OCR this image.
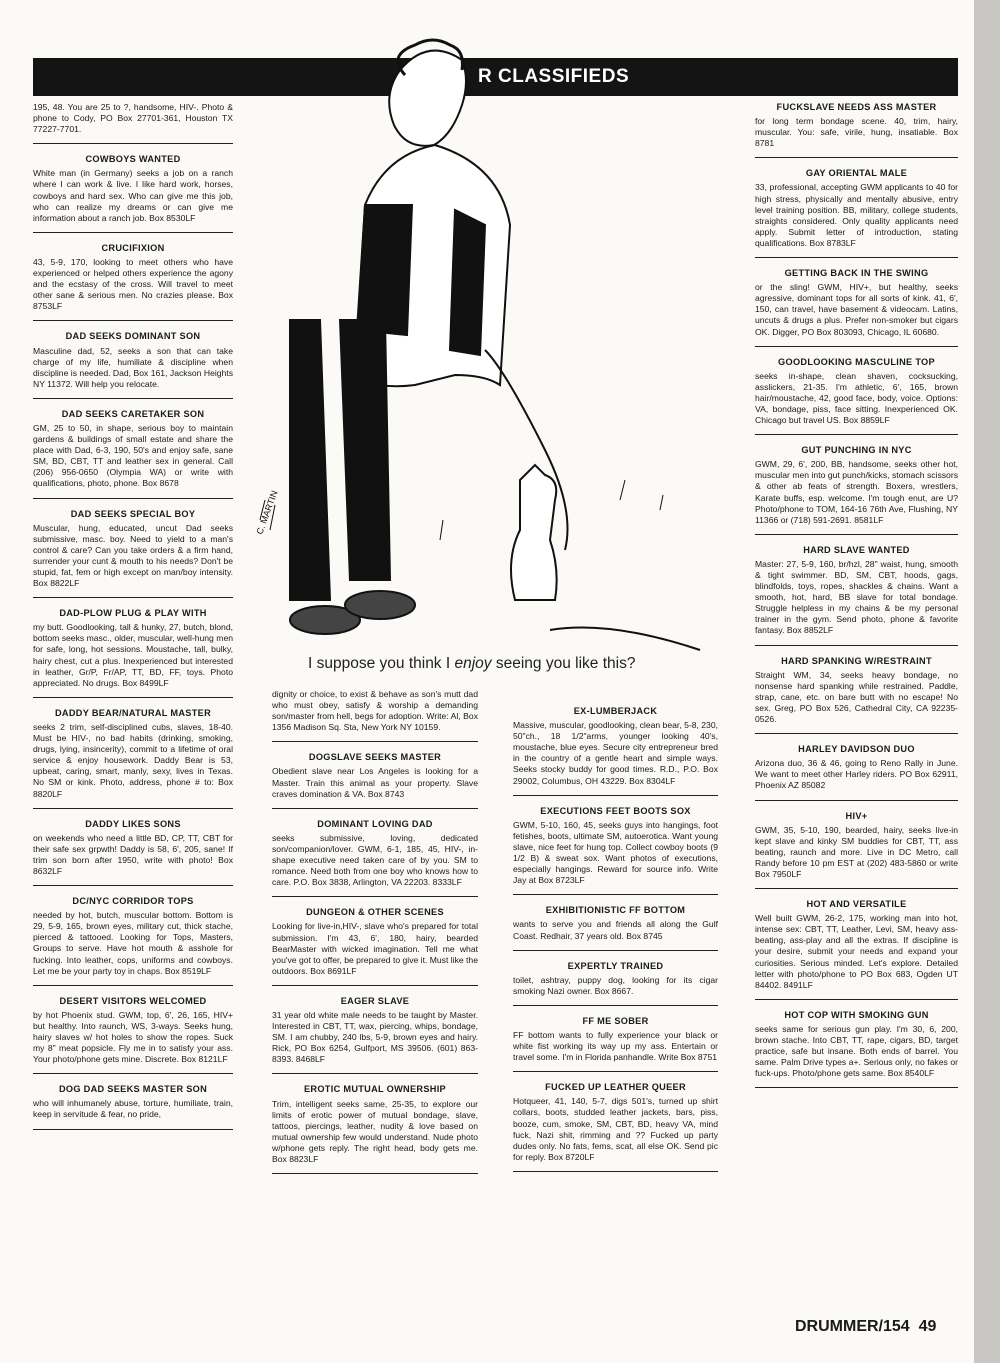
R CLASSIFIEDS
C. MARTIN
I suppose you think I enjoy seeing you like this?

195, 48. You are 25 to ?, handsome, HIV-. Photo & phone to Cody, PO Box 27701-361, Houston TX 77227-7701.

COWBOYS WANTED

White man (in Germany) seeks a job on a ranch where I can work & live. I like hard work, horses, cowboys and hard sex. Who can give me this job, who can realize my dreams or can give me information about a ranch job. Box 8530LF

CRUCIFIXION

43, 5-9, 170, looking to meet others who have experienced or helped others experience the agony and the ecstasy of the cross. Will travel to meet other sane & serious men. No crazies please. Box 8753LF

DAD SEEKS DOMINANT SON

Masculine dad, 52, seeks a son that can take charge of my life, humiliate & discipline when discipline is needed. Dad, Box 161, Jackson Heights NY 11372. Will help you relocate.

DAD SEEKS CARETAKER SON

GM, 25 to 50, in shape, serious boy to maintain gardens & buildings of small estate and share the place with Dad, 6-3, 190, 50's and enjoy safe, sane SM, BD, CBT, TT and leather sex in general. Call (206) 956-0650 (Olympia WA) or write with qualifications, photo, phone. Box 8678

DAD SEEKS SPECIAL BOY

Muscular, hung, educated, uncut Dad seeks submissive, masc. boy. Need to yield to a man's control & care? Can you take orders & a firm hand, surrender your cunt & mouth to his needs? Don't be stupid, fat, fem or high except on man/boy intensity. Box 8822LF

DAD-PLOW PLUG & PLAY WITH

my butt. Goodlooking, tall & hunky, 27, butch, blond, bottom seeks masc., older, muscular, well-hung men for safe, long, hot sessions. Moustache, tall, bulky, hairy chest, cut a plus. Inexperienced but interested in leather, Gr/P, Fr/AP, TT, BD, FF, toys. Photo appreciated. No drugs. Box 8499LF

DADDY BEAR/NATURAL MASTER

seeks 2 trim, self-disciplined cubs, slaves, 18-40. Must be HIV-, no bad habits (drinking, smoking, drugs, lying, insincerity), commit to a lifetime of oral service & enjoy housework. Daddy Bear is 53, upbeat, caring, smart, manly, sexy, lives in Texas. No SM or kink. Photo, address, phone # to: Box 8820LF

DADDY LIKES SONS

on weekends who need a little BD, CP, TT, CBT for their safe sex grpwth! Daddy is 58, 6', 205, sane! If trim son born after 1950, write with photo! Box 8632LF

DC/NYC CORRIDOR TOPS

needed by hot, butch, muscular bottom. Bottom is 29, 5-9, 165, brown eyes, military cut, thick stache, pierced & tattooed. Looking for Tops, Masters, Groups to serve. Have hot mouth & asshole for fucking. Into leather, cops, uniforms and cowboys. Let me be your party toy in chaps. Box 8519LF

DESERT VISITORS WELCOMED

by hot Phoenix stud. GWM, top, 6', 26, 165, HIV+ but healthy. Into raunch, WS, 3-ways. Seeks hung, hairy slaves w/ hot holes to show the ropes. Suck my 8" meat popsicle. Fly me in to satisfy your ass. Your photo/phone gets mine. Discrete. Box 8121LF

DOG DAD SEEKS MASTER SON

who will inhumanely abuse, torture, humiliate, train, keep in servitude & fear, no pride,

dignity or choice, to exist & behave as son's mutt dad who must obey, satisfy & worship a demanding son/master from hell, begs for adoption. Write: Al, Box 1356 Madison Sq. Sta, New York NY 10159.

DOGSLAVE SEEKS MASTER

Obedient slave near Los Angeles is looking for a Master. Train this animal as your property. Slave craves domination & VA. Box 8743

DOMINANT LOVING DAD

seeks submissive, loving, dedicated son/companion/lover. GWM, 6-1, 185, 45, HIV-, in-shape executive need taken care of by you. SM to romance. Need both from one boy who knows how to care. P.O. Box 3838, Arlington, VA 22203. 8333LF

DUNGEON & OTHER SCENES

Looking for live-in,HIV-, slave who's prepared for total submission. I'm 43, 6', 180, hairy, bearded BearMaster with wicked imagination. Tell me what you've got to offer, be prepared to give it. Must like the outdoors. Box 8691LF

EAGER SLAVE

31 year old white male needs to be taught by Master. Interested in CBT, TT, wax, piercing, whips, bondage, SM. I am chubby, 240 lbs, 5-9, brown eyes and hairy. Rick, PO Box 6254, Gulfport, MS 39506. (601) 863-8393. 8468LF

EROTIC MUTUAL OWNERSHIP

Trim, intelligent seeks same, 25-35, to explore our limits of erotic power of mutual bondage, slave, tattoos, piercings, leather, nudity & love based on mutual ownership few would understand. Nude photo w/phone gets reply. The right head, body gets me. Box 8823LF

EX-LUMBERJACK

Massive, muscular, goodlooking, clean bear, 5-8, 230, 50"ch., 18 1/2"arms, younger looking 40's, moustache, blue eyes. Secure city entrepreneur bred in the country of a gentle heart and simple ways. Seeks stocky buddy for good times. R.D., P.O. Box 29002, Columbus, OH 43229. Box 8304LF

EXECUTIONS FEET BOOTS SOX

GWM, 5-10, 160, 45, seeks guys into hangings, foot fetishes, boots, ultimate SM, autoerotica. Want young slave, nice feet for hung top. Collect cowboy boots (9 1/2 B) & sweat sox. Want photos of executions, especially hangings. Reward for source info. Write Jay at Box 8723LF

EXHIBITIONISTIC FF BOTTOM

wants to serve you and friends all along the Gulf Coast. Redhair, 37 years old. Box 8745

EXPERTLY TRAINED

toilet, ashtray, puppy dog, looking for its cigar smoking Nazi owner. Box 8667.

FF ME SOBER

FF bottom wants to fully experience your black or white fist working its way up my ass. Entertain or travel some. I'm in Florida panhandle. Write Box 8751

FUCKED UP LEATHER QUEER

Hotqueer, 41, 140, 5-7, digs 501's, turned up shirt collars, boots, studded leather jackets, bars, piss, booze, cum, smoke, SM, CBT, BD, heavy VA, mind fuck, Nazi shit, rimming and ?? Fucked up party dudes only. No fats, fems, scat, all else OK. Send pic for reply. Box 8720LF

FUCKSLAVE NEEDS ASS MASTER

for long term bondage scene. 40, trim, hairy, muscular. You: safe, virile, hung, insatiable. Box 8781

GAY ORIENTAL MALE

33, professional, accepting GWM applicants to 40 for high stress, physically and mentally abusive, entry level training position. BB, military, college students, straights considered. Only quality applicants need apply. Submit letter of introduction, stating qualifications. Box 8783LF

GETTING BACK IN THE SWING

or the sling! GWM, HIV+, but healthy, seeks agressive, dominant tops for all sorts of kink. 41, 6', 150, can travel, have basement & videocam. Latins, uncuts & drugs a plus. Prefer non-smoker but cigars OK. Digger, PO Box 803093, Chicago, IL 60680.

GOODLOOKING MASCULINE TOP

seeks in-shape, clean shaven, cocksucking, asslickers, 21-35. I'm athletic, 6', 165, brown hair/moustache, 42, good face, body, voice. Options: VA, bondage, piss, face sitting. Inexperienced OK. Chicago but travel US. Box 8859LF

GUT PUNCHING IN NYC

GWM, 29, 6', 200, BB, handsome, seeks other hot, muscular men into gut punch/kicks, stomach scissors & other ab feats of strength. Boxers, wrestlers, Karate buffs, esp. welcome. I'm tough enut, are U? Photo/phone to TOM, 164-16 76th Ave, Flushing, NY 11366 or (718) 591-2691. 8581LF

HARD SLAVE WANTED

Master: 27, 5-9, 160, br/hzl, 28" waist, hung, smooth & tight swimmer. BD, SM, CBT, hoods, gags, blindfolds, toys, ropes, shackles & chains. Want a smooth, hot, hard, BB slave for total bondage. Struggle helpless in my chains & be my personal trainer in the gym. Send photo, phone & favorite fantasy. Box 8852LF

HARD SPANKING W/RESTRAINT

Straight WM, 34, seeks heavy bondage, no nonsense hard spanking while restrained. Paddle, strap, cane, etc. on bare butt with no escape! No sex. Greg, PO Box 526, Cathedral City, CA 92235-0526.

HARLEY DAVIDSON DUO

Arizona duo, 36 & 46, going to Reno Rally in June. We want to meet other Harley riders. PO Box 62911, Phoenix AZ 85082

HIV+

GWM, 35, 5-10, 190, bearded, hairy, seeks live-in kept slave and kinky SM buddies for CBT, TT, ass beating, raunch and more. Live in DC Metro, call Randy before 10 pm EST at (202) 483-5860 or write Box 7950LF

HOT AND VERSATILE

Well built GWM, 26-2, 175, working man into hot, intense sex: CBT, TT, Leather, Levi, SM, heavy ass-beating, ass-play and all the extras. If discipline is your desire, submit your needs and expand your curiosities. Serious minded. Let's explore. Detailed letter with photo/phone to PO Box 683, Ogden UT 84402. 8491LF

HOT COP WITH SMOKING GUN

seeks same for serious gun play. I'm 30, 6, 200, brown stache. Into CBT, TT, rape, cigars, BD, target practice, safe but insane. Both ends of barrel. You same. Palm Drive types a+. Serious only, no fakes or fuck-ups. Photo/phone gets same. Box 8540LF

DRUMMER/154 49
